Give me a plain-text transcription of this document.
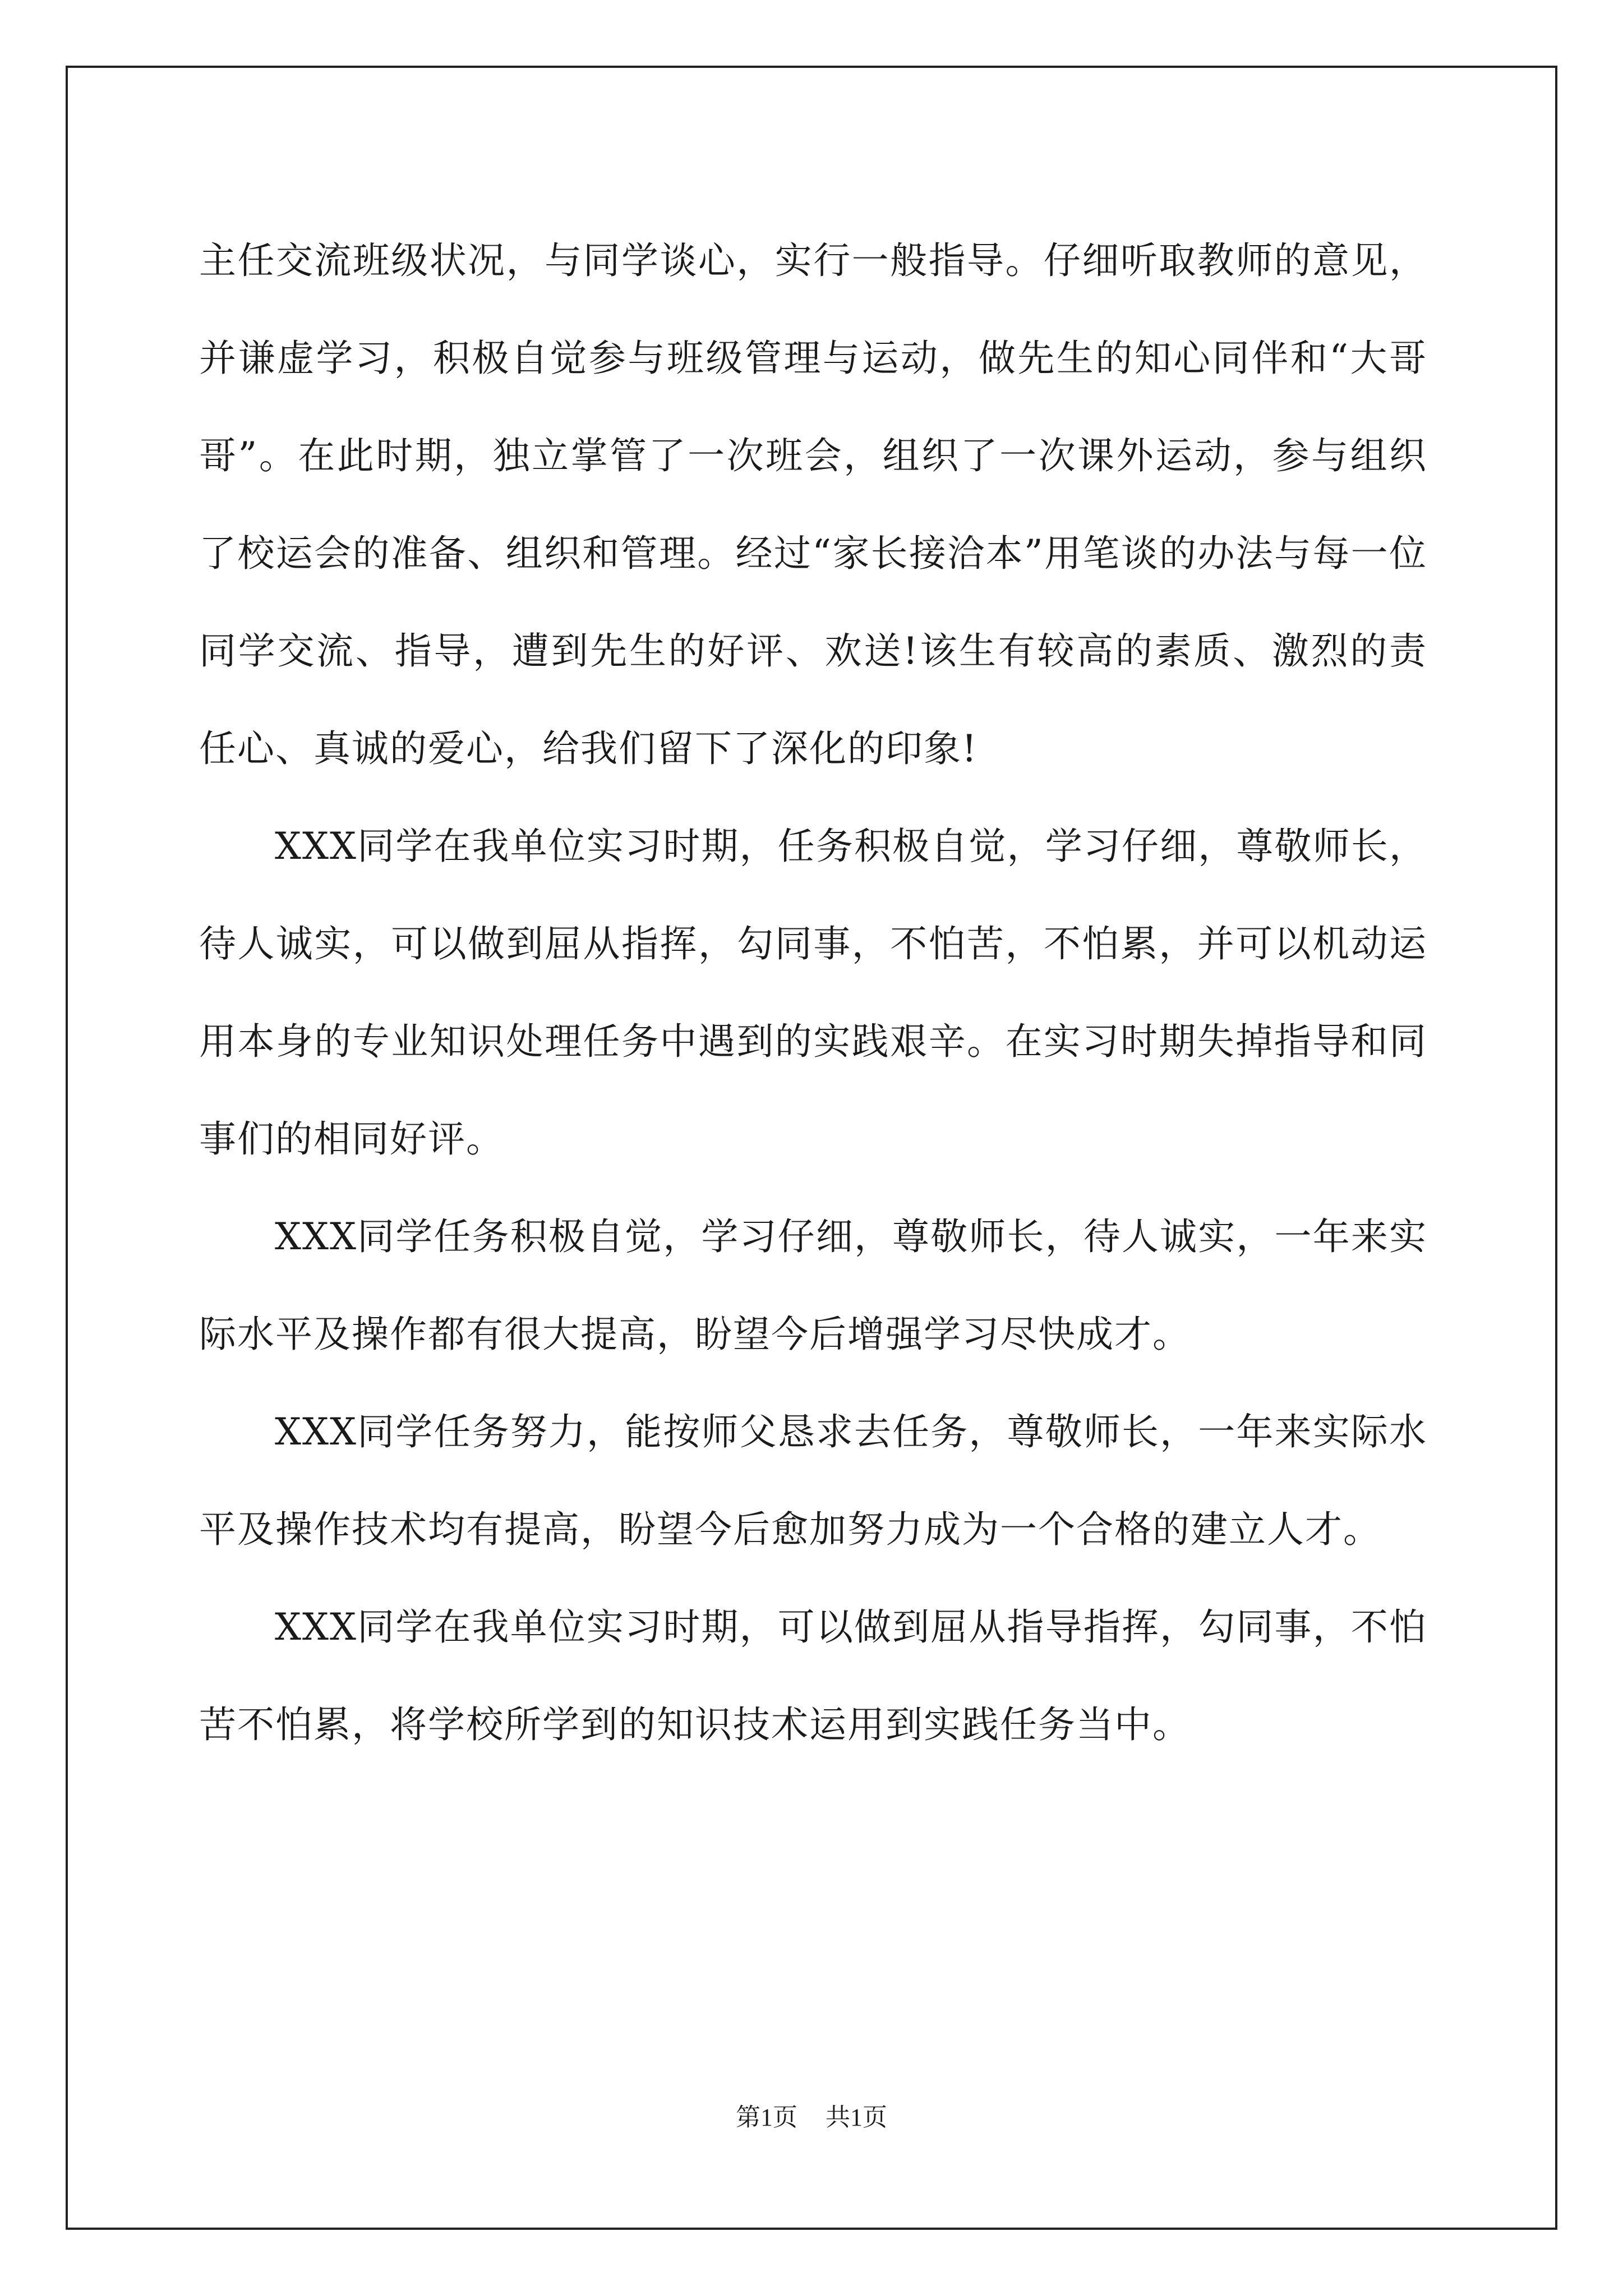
主任交流班级状况，与同学谈心，实行一般指导。仔细听取教师的意见，并谦虚学习，积极自觉参与班级管理与运动，做先生的知心同伴和“大哥哥”。在此时期，独立掌管了一次班会，组织了一次课外运动，参与组织了校运会的准备、组织和管理。经过“家长接洽本”用笔谈的办法与每一位同学交流、指导，遭到先生的好评、欢送!该生有较高的素质、激烈的责任心、真诚的爱心，给我们留下了深化的印象!

XXX同学在我单位实习时期，任务积极自觉，学习仔细，尊敬师长，待人诚实，可以做到屈从指挥，勾同事，不怕苦，不怕累，并可以机动运用本身的专业知识处理任务中遇到的实践艰辛。在实习时期失掉指导和同事们的相同好评。

XXX同学任务积极自觉，学习仔细，尊敬师长，待人诚实，一年来实际水平及操作都有很大提高，盼望今后增强学习尽快成才。

XXX同学任务努力，能按师父恳求去任务，尊敬师长，一年来实际水平及操作技术均有提高，盼望今后愈加努力成为一个合格的建立人才。

XXX同学在我单位实习时期，可以做到屈从指导指挥，勾同事，不怕苦不怕累，将学校所学到的知识技术运用到实践任务当中。

第1页 共1页
